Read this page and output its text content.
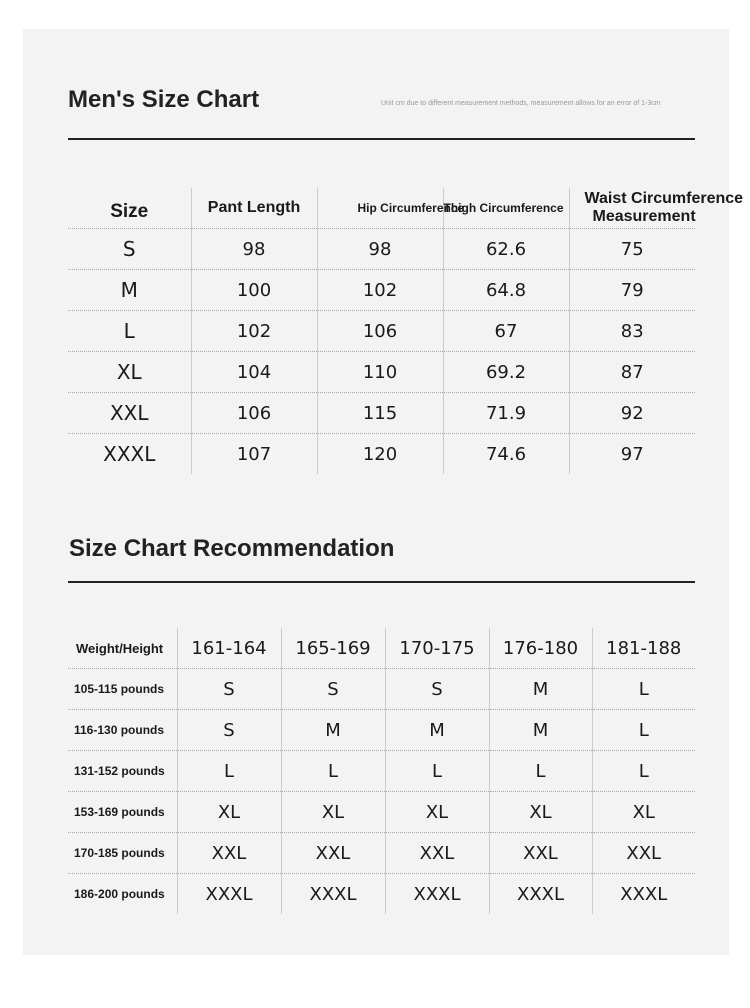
Men's Size Chart	Unit cm due to different measurement methods, measurement allows for an error of 1-3cm
Size	Pant Length	Hip Circumference	Thigh Circumference	Waist Circumference
Measurement

S	98	98	62.6	75
M	100	102	64.8	79
L	102	106	67	83
XL	104	110	69.2	87
XXL	106	115	71.9	92
XXXL	107	120	74.6	97
Size Chart Recommendation
Weight/Height	161-164	165-169	170-175	176-180	181-188
105-115 pounds	S	S	S	M	L
116-130 pounds	S	M	M	M	L
131-152 pounds	L	L	L	L	L
153-169 pounds	XL	XL	XL	XL	XL
170-185 pounds	XXL	XXL	XXL	XXL	XXL
186-200 pounds	XXXL	XXXL	XXXL	XXXL	XXXL
